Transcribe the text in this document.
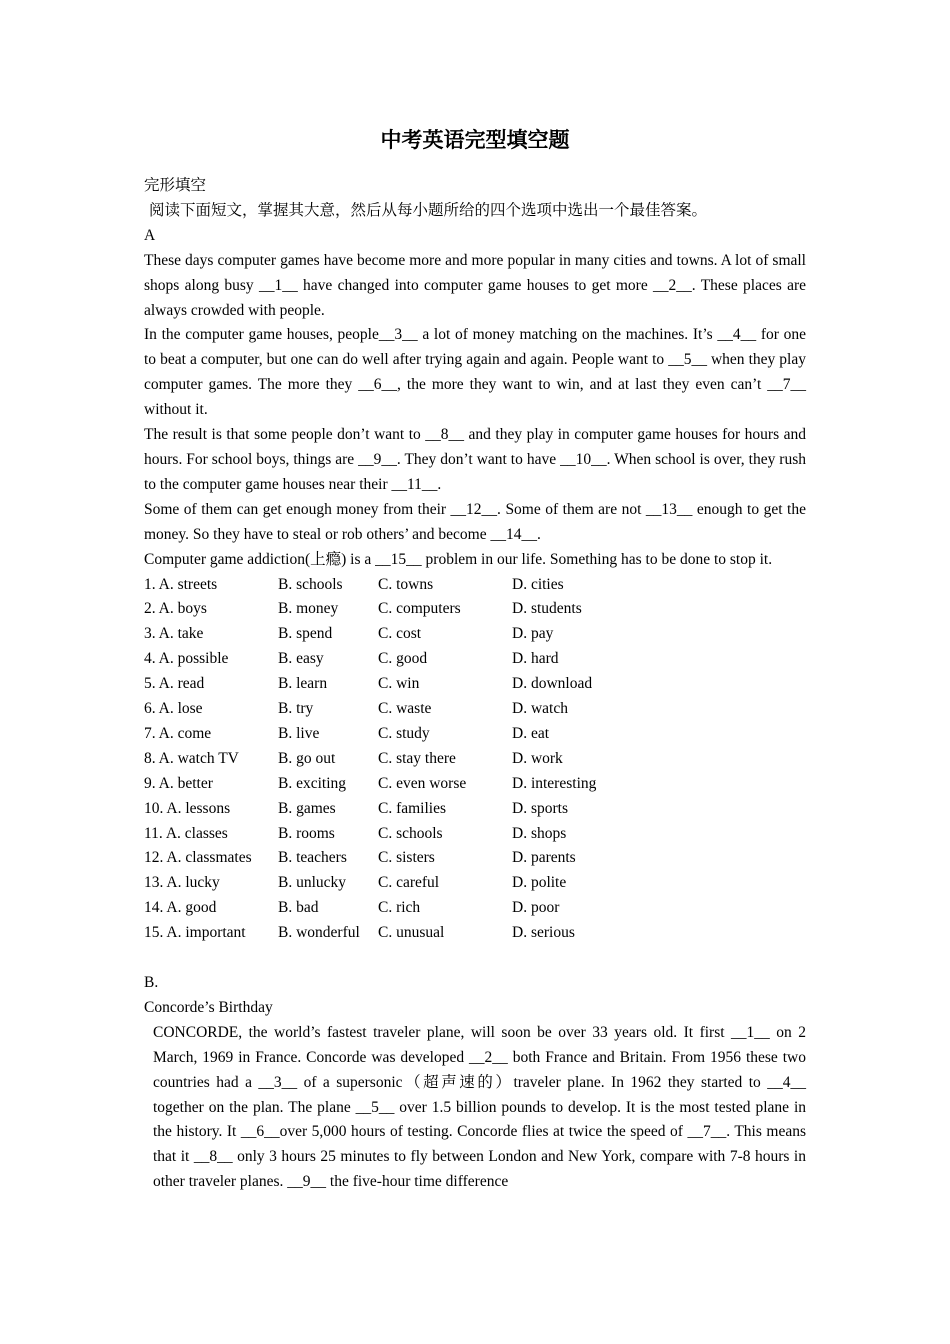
中考英语完型填空题

完形填空

阅读下面短文，掌握其大意，然后从每小题所给的四个选项中选出一个最佳答案。

A

These days computer games have become more and more popular in many cities and towns. A lot of small shops along busy __1__ have changed into computer game houses to get more __2__. These places are always crowded with people.

In the computer game houses, people__3__ a lot of money matching on the machines. It’s __4__ for one to beat a computer, but one can do well after trying again and again. People want to __5__ when they play computer games. The more they __6__, the more they want to win, and at last they even can’t __7__ without it.

The result is that some people don’t want to __8__ and they play in computer game houses for hours and hours. For school boys, things are __9__. They don’t want to have __10__. When school is over, they rush to the computer game houses near their __11__.

Some of them can get enough money from their __12__. Some of them are not __13__ enough to get the money. So they have to steal or rob others’ and become __14__.

Computer game addiction(上瘾) is a __15__ problem in our life. Something has to be done to stop it.

1. A. streets	B. schools	C. towns	D. cities

2. A. boys	B. money	C. computers	D. students

3. A. take	B. spend	C. cost	D. pay

4. A. possible	B. easy	C. good	D. hard

5. A. read	B. learn	C. win	D. download

6. A. lose	B. try	C. waste	D. watch

7. A. come	B. live	C. study	D. eat

8. A. watch TV	B. go out	C. stay there	D. work

9. A. better	B. exciting	C. even worse	D. interesting

10. A. lessons	B. games	C. families	D. sports

11. A. classes	B. rooms	C. schools	D. shops

12. A. classmates	B. teachers	C. sisters	D. parents

13. A. lucky	B. unlucky	C. careful	D. polite

14. A. good	B. bad	C. rich	D. poor

15. A. important	B. wonderful	C. unusual	D. serious

B.

Concorde’s Birthday

CONCORDE, the world’s fastest traveler plane, will soon be over 33 years old. It first __1__ on 2 March, 1969 in France. Concorde was developed __2__ both France and Britain. From 1956 these two countries had a __3__ of a supersonic（超声速的）traveler plane. In 1962 they started to __4__ together on the plan. The plane __5__ over 1.5 billion pounds to develop. It is the most tested plane in the history. It __6__over 5,000 hours of testing. Concorde flies at twice the speed of __7__. This means that it __8__ only 3 hours 25 minutes to fly between London and New York, compare with 7-8 hours in other traveler planes. __9__ the five-hour time difference
